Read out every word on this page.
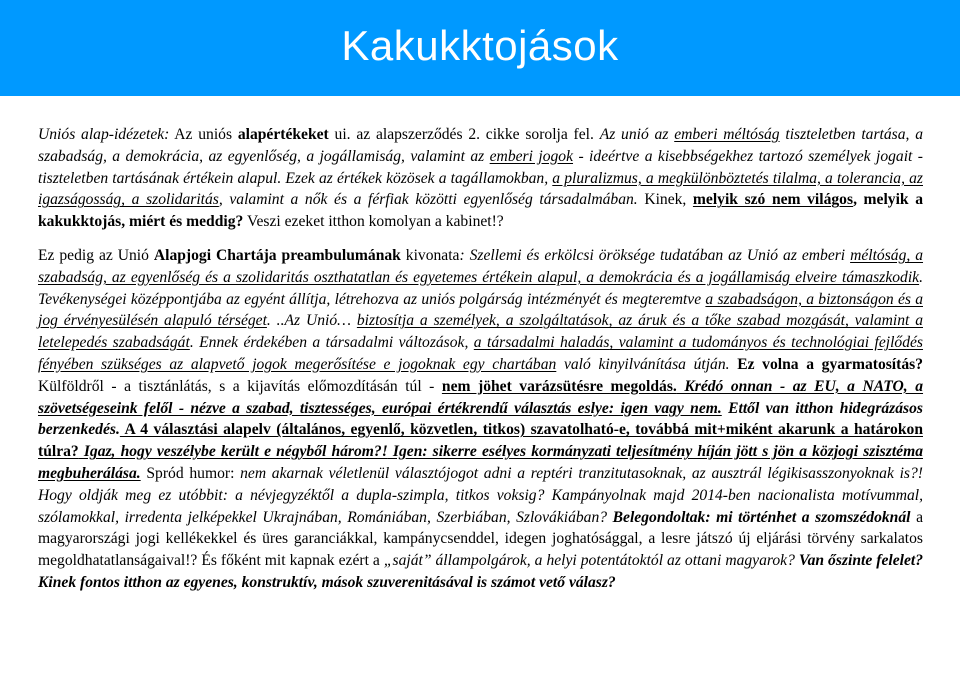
Kakukktojások

Uniós alap-idézetek: Az uniós alapértékeket ui. az alapszerződés 2. cikke sorolja fel. Az unió az emberi méltóság tiszteletben tartása, a szabadság, a demokrácia, az egyenlőség, a jogállamiság, valamint az emberi jogok - ideértve a kisebbségekhez tartozó személyek jogait - tiszteletben tartásának értékein alapul. Ezek az értékek közösek a tagállamokban, a pluralizmus, a megkülönböztetés tilalma, a tolerancia, az igazságosság, a szolidaritás, valamint a nők és a férfiak közötti egyenlőség társadalmában. Kinek, melyik szó nem világos, melyik a kakukktojás, miért és meddig? Veszi ezeket itthon komolyan a kabinet!?

Ez pedig az Unió Alapjogi Chartája preambulumának kivonata: Szellemi és erkölcsi öröksége tudatában az Unió az emberi méltóság, a szabadság, az egyenlőség és a szolidaritás oszthatatlan és egyetemes értékein alapul, a demokrácia és a jogállamiság elveire támaszkodik. Tevékenységei középpontjába az egyént állítja, létrehozva az uniós polgárság intézményét és megteremtve a szabadságon, a biztonságon és a jog érvényesülésén alapuló térséget. ..Az Unió… biztosítja a személyek, a szolgáltatások, az áruk és a tőke szabad mozgását, valamint a letelepedés szabadságát. Ennek érdekében a társadalmi változások, a társadalmi haladás, valamint a tudományos és technológiai fejlődés fényében szükséges az alapvető jogok megerősítése e jogoknak egy chartában való kinyilvánítása útján. Ez volna a gyarmatosítás? Külföldről - a tisztánlátás, s a kijavítás előmozdításán túl - nem jöhet varázsütésre megoldás. Krédó onnan - az EU, a NATO, a szövetségeseink felől - nézve a szabad, tisztességes, európai értékrendű választás eslye: igen vagy nem. Ettől van itthon hidegrázásos berzenkedés. A 4 választási alapelv (általános, egyenlő, közvetlen, titkos) szavatolható-e, továbbá mit+miként akarunk a határokon túlra? Igaz, hogy veszélybe került e négyből három?! Igen: sikerre esélyes kormányzati teljesítmény híján jött s jön a közjogi szisztéma megbuherálása. Spród humor: nem akarnak véletlenül választójogot adni a reptéri tranzitutasoknak, az ausztrál légikisasszonyoknak is?! Hogy oldják meg ez utóbbit: a névjegyzéktől a dupla-szimpla, titkos voksig? Kampányolnak majd 2014-ben nacionalista motívummal, szólamokkal, irredenta jelképekkel Ukrajnában, Romániában, Szerbiában, Szlovákiában? Belegondoltak: mi történhet a szomszédoknál a magyarországi jogi kellékekkel és üres garanciákkal, kampánycsenddel, idegen joghatósággal, a lesre játszó új eljárási törvény sarkalatos megoldhatatlanságaival!? És főként mit kapnak ezért a „saját” állampolgárok, a helyi potentátoktól az ottani magyarok? Van őszinte felelet? Kinek fontos itthon az egyenes, konstruktív, mások szuverenitásával is számot vető válasz?
